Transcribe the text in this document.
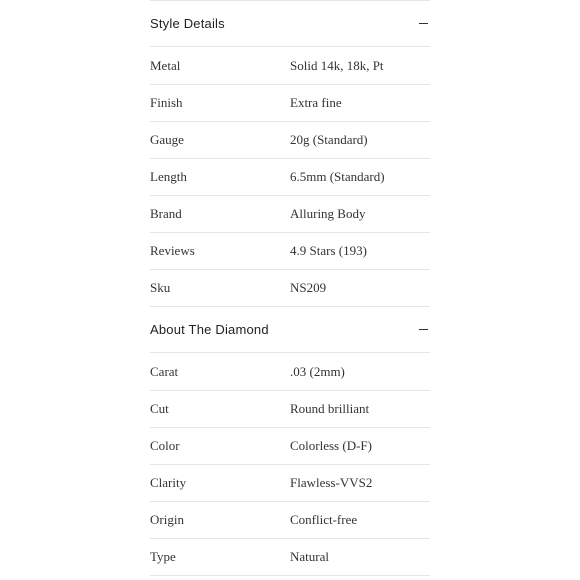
Style Details
Metal	Solid 14k, 18k, Pt
Finish	Extra fine
Gauge	20g (Standard)
Length	6.5mm (Standard)
Brand	Alluring Body
Reviews	4.9 Stars (193)
Sku	NS209
About The Diamond
Carat	.03 (2mm)
Cut	Round brilliant
Color	Colorless (D-F)
Clarity	Flawless-VVS2
Origin	Conflict-free
Type	Natural
